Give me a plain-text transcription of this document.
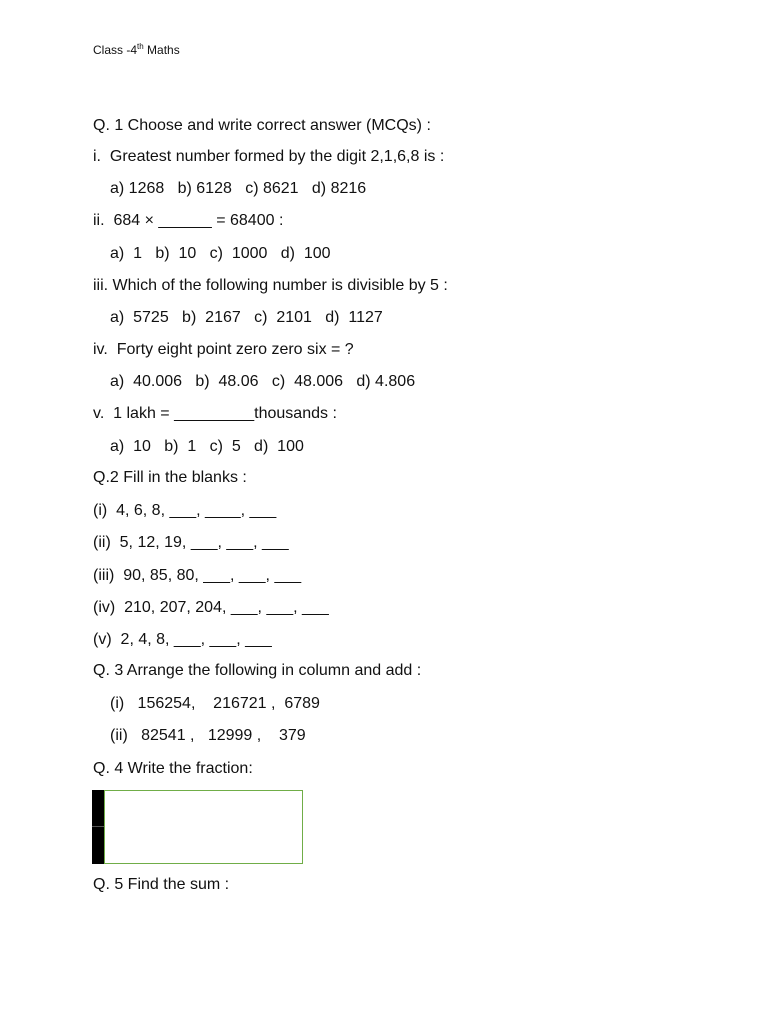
Class -4th Maths
Q. 1 Choose and write correct answer (MCQs) :
i.  Greatest number formed by the digit 2,1,6,8 is :
a) 1268   b) 6128   c) 8621   d) 8216
ii.  684 × ______ = 68400 :
a)  1   b)  10   c)  1000   d)  100
iii. Which of the following number is divisible by 5 :
a)  5725   b)  2167   c)  2101   d)  1127
iv.  Forty eight point zero zero six = ?
a)  40.006   b)  48.06   c)  48.006   d) 4.806
v.  1 lakh = _________thousands :
a)  10   b)  1   c)  5   d)  100
Q.2 Fill in the blanks :
(i)  4, 6, 8, ___, ____, ___
(ii)  5, 12, 19, ___, ___, ___
(iii)  90, 85, 80, ___, ___, ___
(iv)  210, 207, 204, ___, ___, ___
(v)  2, 4, 8, ___, ___, ___
Q. 3 Arrange the following in column and add :
(i)   156254,    216721 ,  6789
(ii)   82541 ,   12999 ,    379
Q. 4 Write the fraction:
Q. 5 Find the sum :
